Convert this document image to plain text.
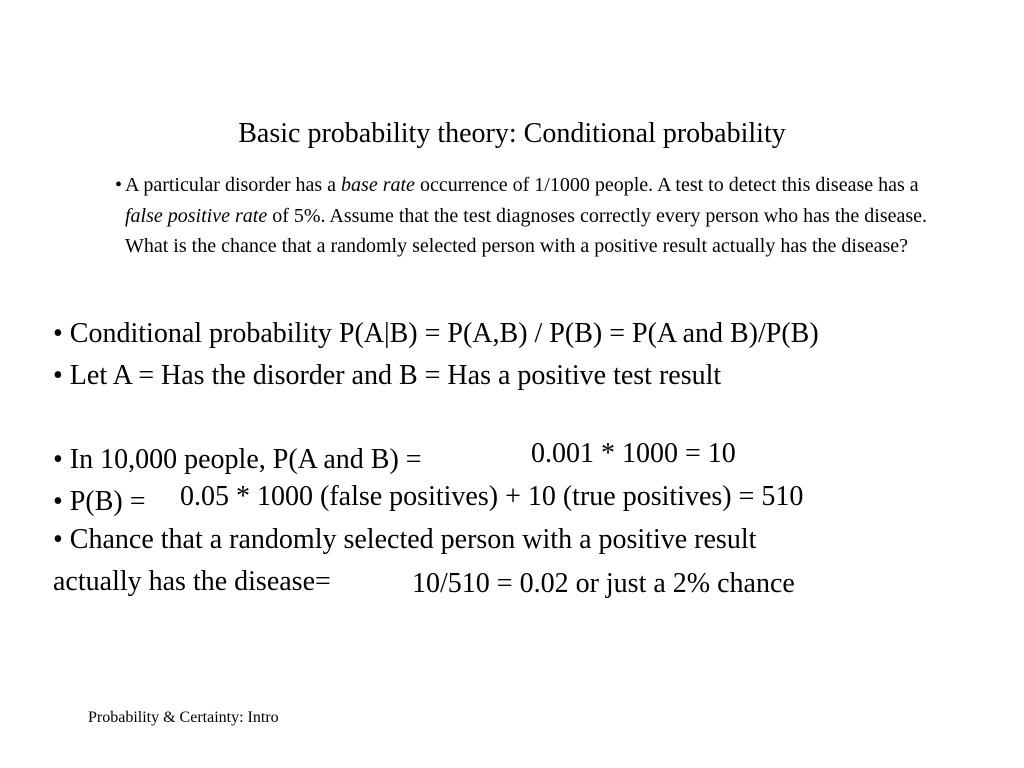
Basic probability theory: Conditional probability
• A particular disorder has a base rate occurrence of 1/1000 people. A test to detect this disease has a false positive rate of 5%. Assume that the test diagnoses correctly every person who has the disease. What is the chance that a randomly selected person with a positive result actually has the disease?
• Conditional probability P(A|B) = P(A,B) / P(B) = P(A and B)/P(B)
• Let A = Has the disorder and B = Has a positive test result
• In 10,000 people, P(A and B) =	0.001 * 1000 = 10
• P(B) = 0.05 * 1000 (false positives) + 10 (true positives) = 510
• Chance that a randomly selected person with a positive result
actually has the disease=	10/510 = 0.02 or just a 2% chance
Probability & Certainty: Intro
